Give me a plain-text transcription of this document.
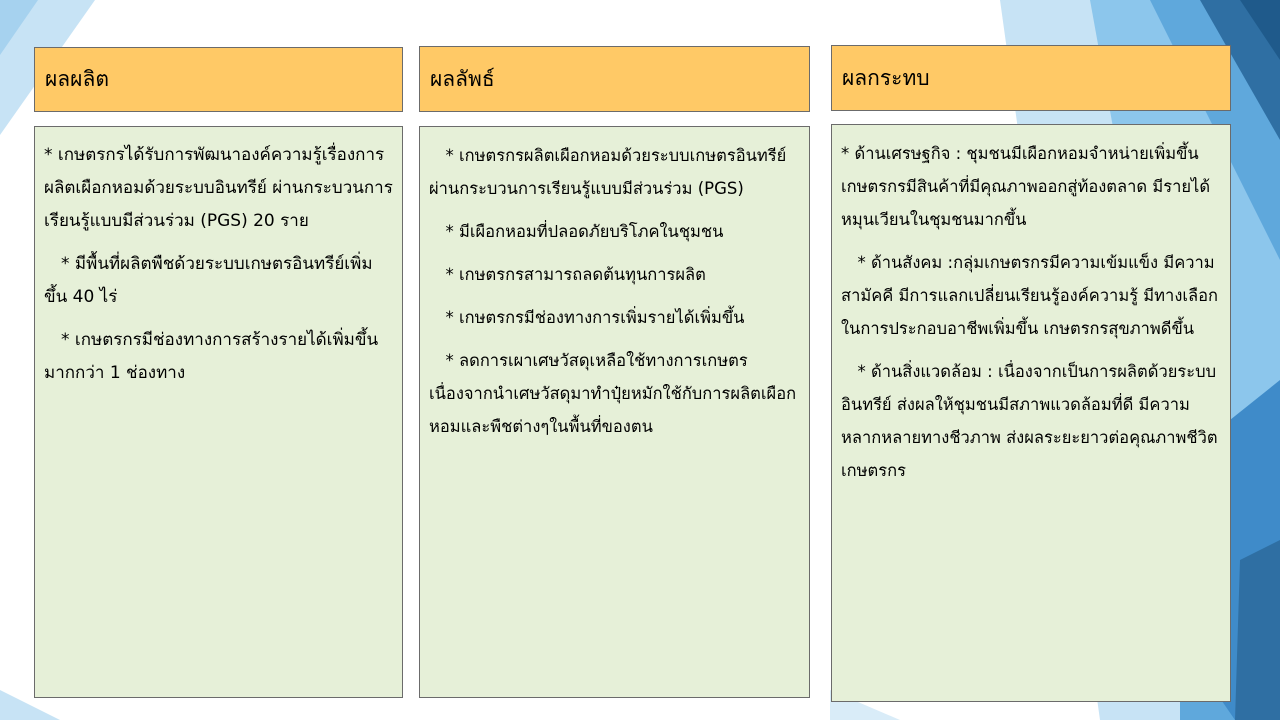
ผลผลิต

* เกษตรกรได้รับการพัฒนาองค์ความรู้เรื่องการผลิตเผือกหอมด้วยระบบอินทรีย์ ผ่านกระบวนการเรียนรู้แบบมีส่วนร่วม (PGS) 20 ราย

* มีพื้นที่ผลิตพืชด้วยระบบเกษตรอินทรีย์เพิ่มขึ้น 40 ไร่

* เกษตรกรมีช่องทางการสร้างรายได้เพิ่มขึ้นมากกว่า 1 ช่องทาง

ผลลัพธ์

* เกษตรกรผลิตเผือกหอมด้วยระบบเกษตรอินทรีย์ ผ่านกระบวนการเรียนรู้แบบมีส่วนร่วม (PGS)

* มีเผือกหอมที่ปลอดภัยบริโภคในชุมชน

* เกษตรกรสามารถลดต้นทุนการผลิต

* เกษตรกรมีช่องทางการเพิ่มรายได้เพิ่มขึ้น

* ลดการเผาเศษวัสดุเหลือใช้ทางการเกษตร เนื่องจากนำเศษวัสดุมาทำปุ๋ยหมักใช้กับการผลิตเผือกหอมและพืชต่างๆในพื้นที่ของตน

ผลกระทบ

* ด้านเศรษฐกิจ : ชุมชนมีเผือกหอมจำหน่ายเพิ่มขึ้น เกษตรกรมีสินค้าที่มีคุณภาพออกสู่ท้องตลาด มีรายได้หมุนเวียนในชุมชนมากขึ้น

* ด้านสังคม :กลุ่มเกษตรกรมีความเข้มแข็ง มีความสามัคคี มีการแลกเปลี่ยนเรียนรู้องค์ความรู้ มีทางเลือกในการประกอบอาชีพเพิ่มขึ้น เกษตรกรสุขภาพดีขึ้น

* ด้านสิ่งแวดล้อม : เนื่องจากเป็นการผลิตด้วยระบบอินทรีย์ ส่งผลให้ชุมชนมีสภาพแวดล้อมที่ดี มีความหลากหลายทางชีวภาพ ส่งผลระยะยาวต่อคุณภาพชีวิตเกษตรกร
